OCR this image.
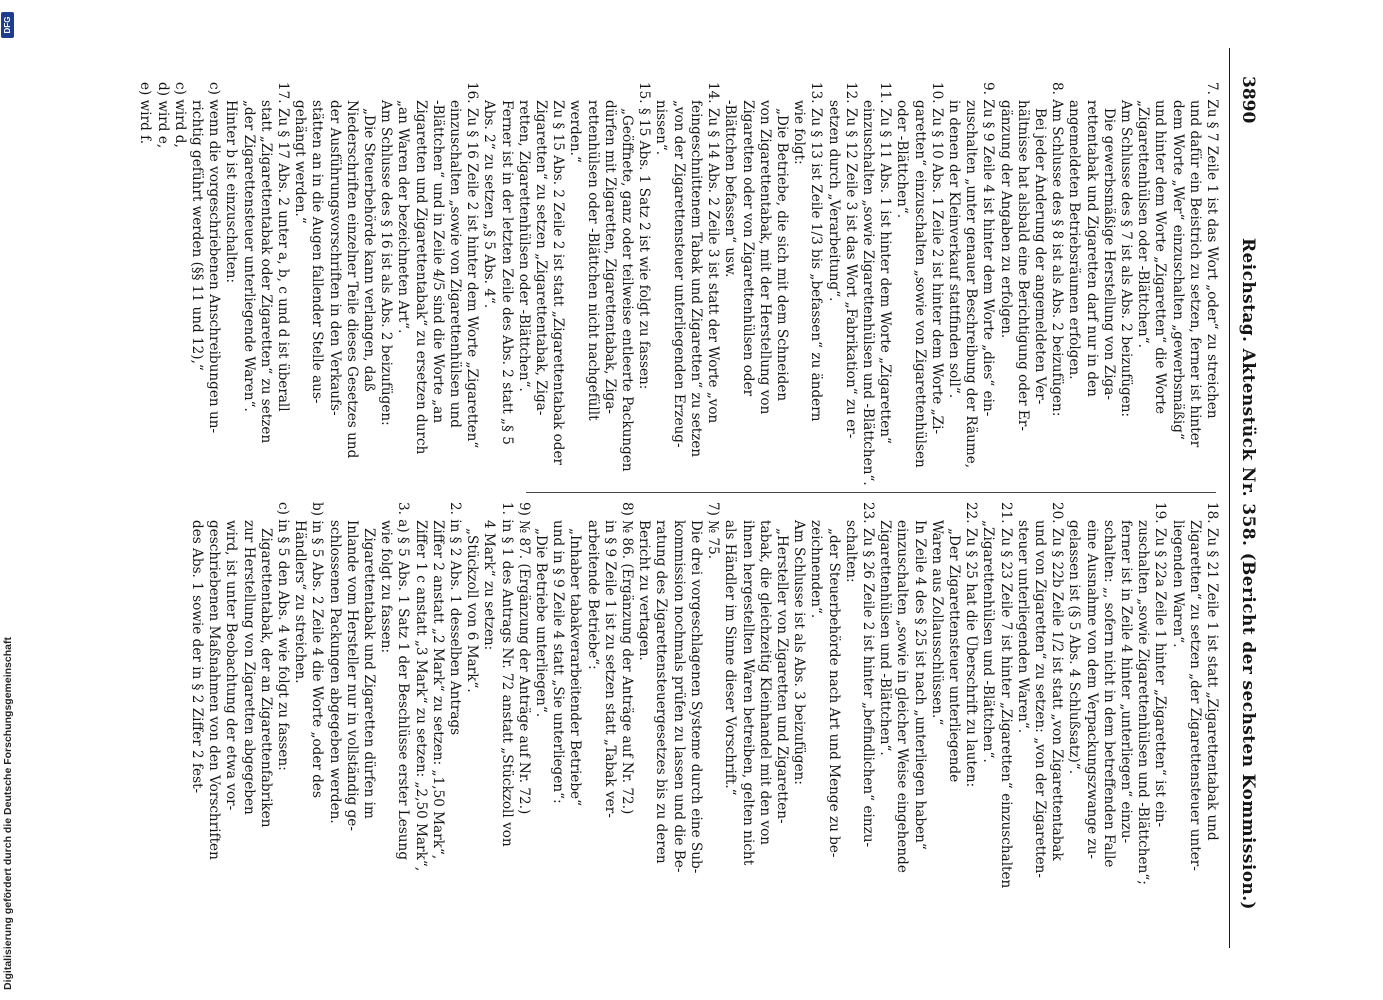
3890
Reichstag. Aktenstück Nr. 358. (Bericht der sechsten Kommission.)
7. Zu § 7 Zeile 1 ist das Wort „oder“ zu streichen
und dafür ein Beistrich zu setzen, ferner ist hinter
dem Worte „Wer“ einzuschalten „gewerbsmäßig“
und hinter dem Worte „Zigaretten“ die Worte
„Zigarettenhülsen oder -Blättchen“.
Am Schlusse des § 7 ist als Abs. 2 beizufügen:
Die gewerbsmäßige Herstellung von Ziga-
rettentabak und Zigaretten darf nur in den
angemeldeten Betriebsräumen erfolgen.
8. Am Schlusse des § 8 ist als Abs. 2 beizufügen:
Bei jeder Änderung der angemeldeten Ver-
hältnisse hat alsbald eine Berichtigung oder Er-
gänzung der Angaben zu erfolgen.
9. Zu § 9 Zeile 4 ist hinter dem Worte „dies“ ein-
zuschalten „unter genauer Beschreibung der Räume,
in denen der Kleinverkauf stattfinden soll“.
10. Zu § 10 Abs. 1 Zeile 2 ist hinter dem Worte „Zi-
garetten“ einzuschalten „sowie von Zigarettenhülsen
oder -Blättchen“.
11. Zu § 11 Abs. 1 ist hinter dem Worte „Zigaretten“
einzuschalten „sowie Zigarettenhülsen und -Blättchen“.
12. Zu § 12 Zeile 3 ist das Wort „Fabrikation“ zu er-
setzen durch „Verarbeitung“.
13. Zu § 13 ist Zeile 1/3 bis „befassen“ zu ändern
wie folgt:
„Die Betriebe, die sich mit dem Schneiden
von Zigarettentabak, mit der Herstellung von
Zigaretten oder von Zigarettenhülsen oder
-Blättchen befassen“ usw.
14. Zu § 14 Abs. 2 Zeile 3 ist statt der Worte „von
feingeschnittenem Tabak und Zigaretten“ zu setzen
„von der Zigarettensteuer unterliegenden Erzeug-
nissen“.
15. § 15 Abs. 1 Satz 2 ist wie folgt zu fassen:
„Geöffnete, ganz oder teilweise entleerte Packungen
dürfen mit Zigaretten, Zigarettentabak, Ziga-
rettenhülsen oder -Blättchen nicht nachgefüllt
werden.“
Zu § 15 Abs. 2 Zeile 2 ist statt „Zigarettentabak oder
Zigaretten“ zu setzen „Zigarettentabak, Ziga-
retten, Zigarettenhülsen oder -Blättchen“.
Ferner ist in der letzten Zeile des Abs. 2 statt „§ 5
Abs. 2“ zu setzen „§ 5 Abs. 4“.
16. Zu § 16 Zeile 2 ist hinter dem Worte „Zigaretten“
einzuschalten „sowie von Zigarettenhülsen und
-Blättchen“ und in Zeile 4/5 sind die Worte „an
Zigaretten und Zigarettentabak“ zu ersetzen durch
„an Waren der bezeichneten Art“.
Am Schlusse des § 16 ist als Abs. 2 beizufügen:
„Die Steuerbehörde kann verlangen, daß
Niederschriften einzelner Teile dieses Gesetzes und
der Ausführungsvorschriften in den Verkaufs-
stätten an in die Augen fallender Stelle aus-
gehängt werden.“
17. Zu § 17 Abs. 2 unter a, b, c und d ist überall
statt „Zigarettentabak oder Zigaretten“ zu setzen
„der Zigarettensteuer unterliegende Waren“.
Hinter b ist einzuschalten:
c) wenn die vorgeschriebenen Anschreibungen un-
richtig geführt werden (§§ 11 und 12),“
c) wird d,
d) wird e,
e) wird f.
18. Zu § 21 Zeile 1 ist statt „Zigarettentabak und
Zigaretten“ zu setzen „der Zigarettensteuer unter-
liegenden Waren“.
19. Zu § 22a Zeile 1 hinter „Zigaretten“ ist ein-
zuschalten „sowie Zigarettenhülsen und -Blättchen“;
ferner ist in Zeile 4 hinter „unterliegen“ einzu-
schalten: „, sofern nicht in dem betreffenden Falle
eine Ausnahme von dem Verpackungszwange zu-
gelassen ist (§ 5 Abs. 4 Schlußsatz)“.
20. Zu § 22b Zeile 1/2 ist statt „von Zigarettentabak
und von Zigaretten“ zu setzen: „von der Zigaretten-
steuer unterliegenden Waren“.
21. Zu § 23 Zeile 7 ist hinter „Zigaretten“ einzuschalten
„Zigarettenhülsen und -Blättchen“.
22. Zu § 25 hat die Überschrift zu lauten:
„Der Zigarettensteuer unterliegende
Waren aus Zollausschlüssen.“
In Zeile 4 des § 25 ist nach „unterliegen haben“
einzuschalten „sowie in gleicher Weise eingehende
Zigarettenhülsen und -Blättchen“.
23. Zu § 26 Zeile 2 ist hinter „befindlichen“ einzu-
schalten:
„der Steuerbehörde nach Art und Menge zu be-
zeichnenden“.
Am Schlusse ist als Abs. 3 beizufügen:
„Hersteller von Zigaretten und Zigaretten-
tabak, die gleichzeitig Kleinhandel mit den von
ihnen hergestellten Waren betreiben, gelten nicht
als Händler im Sinne dieser Vorschrift.“
7) № 75.
Die drei vorgeschlagenen Systeme durch eine Sub-
kommission nochmals prüfen zu lassen und die Be-
ratung des Zigarettensteuergesetzes bis zu deren
Bericht zu vertagen.
8) № 86. (Ergänzung der Anträge auf Nr. 72.)
in § 9 Zeile 1 ist zu setzen statt „Tabak ver-
arbeitende Betriebe“:
„Inhaber tabakverarbeitender Betriebe“
und in § 9 Zeile 4 statt „Sie unterliegen“:
„Die Betriebe unterliegen“.
9) № 87. (Ergänzung der Anträge auf Nr. 72.)
1. in § 1 des Antrags Nr. 72 anstatt „Stückzoll von
4 Mark“ zu setzen:
„Stückzoll von 6 Mark“.
2. in § 2 Abs. 1 desselben Antrags
Ziffer 2 anstatt „2 Mark“ zu setzen: „1,50 Mark“,
Ziffer 1 c anstatt „3 Mark“ zu setzen: „2,50 Mark“,
3. a) § 5 Abs. 1 Satz 1 der Beschlüsse erster Lesung
wie folgt zu fassen:
Zigarettentabak und Zigaretten dürfen im
Inlande vom Hersteller nur in vollständig ge-
schlossenen Packungen abgegeben werden.
b) in § 5 Abs. 2 Zeile 4 die Worte „oder des
Händlers“ zu streichen.
c) in § 5 den Abs. 4 wie folgt zu fassen:
Zigarettentabak, der an Zigarettenfabriken
zur Herstellung von Zigaretten abgegeben
wird, ist unter Beobachtung der etwa vor-
geschriebenen Maßnahmen von den Vorschriften
des Abs. 1 sowie der in § 2 Ziffer 2 fest-
Digitalisierung gefördert durch die Deutsche Forschungsgemeinschaft
DFG
